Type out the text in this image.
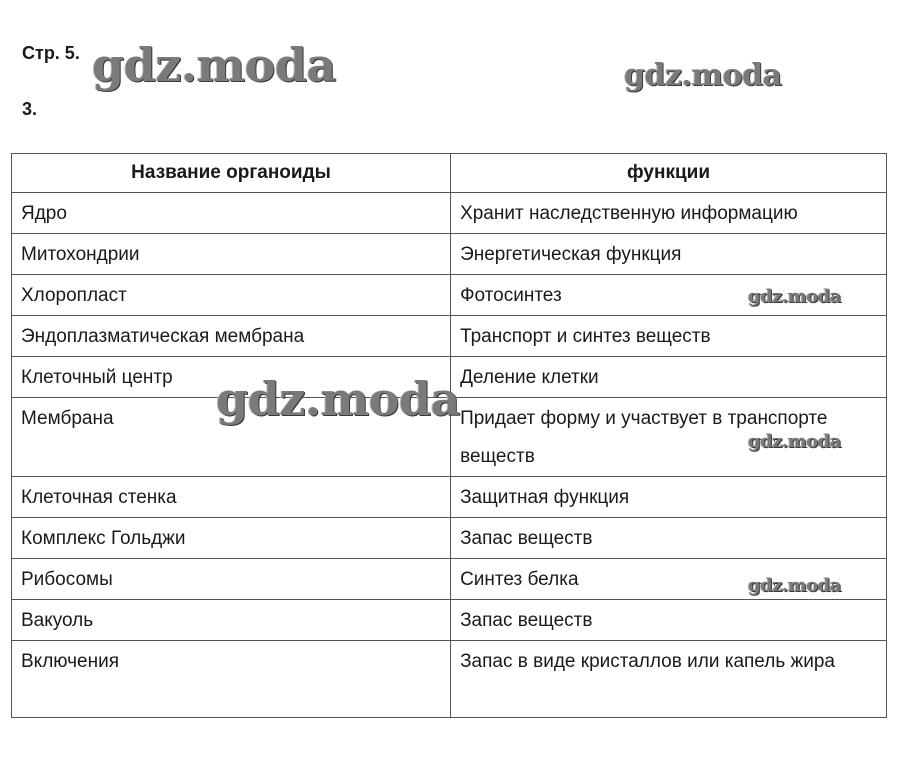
Стр. 5.
3.
Название органоиды	функции
Ядро	Хранит наследственную информацию
Митохондрии	Энергетическая функция
Хлоропласт	Фотосинтез
Эндоплазматическая мембрана	Транспорт и синтез веществ
Клеточный центр	Деление клетки
Мембрана	Придает форму и участвует в транспорте веществ
Клеточная стенка	Защитная функция
Комплекс Гольджи	Запас веществ
Рибосомы	Синтез белка
Вакуоль	Запас веществ
Включения	Запас в виде кристаллов или капель жира
gdz.moda	gdz.moda
gdz.moda
gdz.moda
gdz.moda
gdz.moda
